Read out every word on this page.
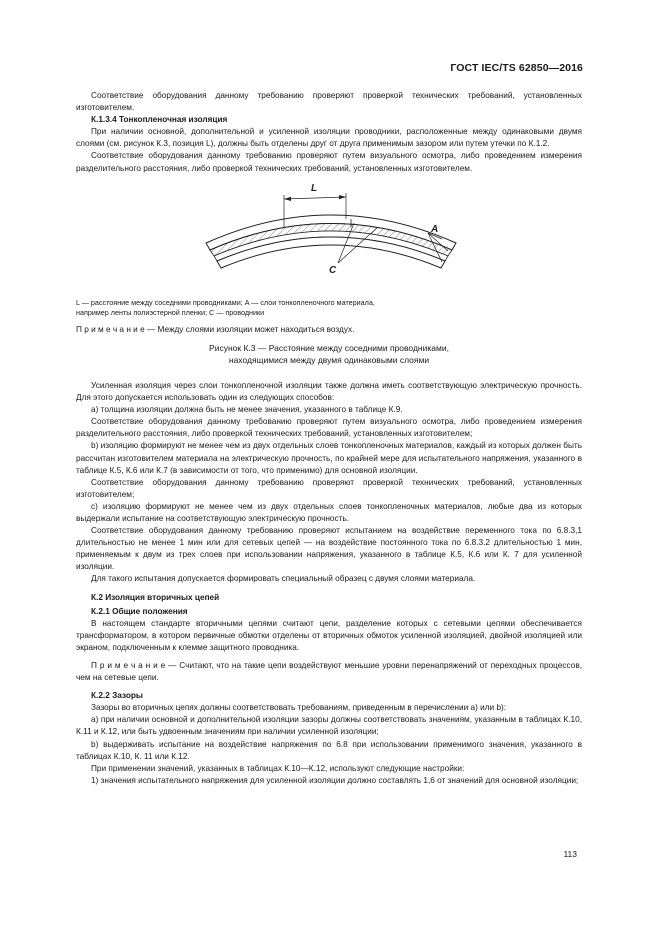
ГОСТ IEC/TS 62850—2016

Соответствие оборудования данному требованию проверяют проверкой технических требований, установленных изготовителем.

К.1.3.4 Тонкопленочная изоляция

При наличии основной, дополнительной и усиленной изоляции проводники, расположенные между одинаковыми двумя слоями (см. рисунок К.3, позиция L), должны быть отделены друг от друга применимым зазором или путем утечки по К.1.2.

Соответствие оборудования данному требованию проверяют путем визуального осмотра, либо проведением измерения разделительного расстояния, либо проверкой технических требований, установленных изготовителем.

L
A
C

L — расстояние между соседними проводниками; A — слои тонкопленочного материала,

например ленты полиэстерной пленки; C — проводники

П р и м е ч а н и е — Между слоями изоляции может находиться воздух.

Рисунок К.3 — Расстояние между соседними проводниками,

находящимися между двумя одинаковыми слоями

Усиленная изоляция через слои тонкопленочной изоляции также должна иметь соответствующую электрическую прочность. Для этого допускается использовать один из следующих способов:

a) толщина изоляции должна быть не менее значения, указанного в таблице К.9.

Соответствие оборудования данному требованию проверяют путем визуального осмотра, либо проведением измерения разделительного расстояния, либо проверкой технических требований, установленных изготовителем;

b) изоляцию формируют не менее чем из двух отдельных слоев тонкопленочных материалов, каждый из которых должен быть рассчитан изготовителем материала на электрическую прочность, по крайней мере для испытательного напряжения, указанного в таблице К.5, К.6 или К.7 (в зависимости от того, что применимо) для основной изоляции.

Соответствие оборудования данному требованию проверяют проверкой технических требований, установленных изготовителем;

c) изоляцию формируют не менее чем из двух отдельных слоев тонкопленочных материалов, любые два из которых выдержали испытание на соответствующую электрическую прочность.

Соответствие оборудования данному требованию проверяют испытанием на воздействие переменного тока по 6.8.3,1 длительностью не менее 1 мин или для сетевых цепей — на воздействие постоянного тока по 6.8.3.2 длительностью 1 мин, применяемым к двум из трех слоев при использовании напряжения, указанного в таблице К.5, К.6 или К. 7 для усиленной изоляции.

Для такого испытания допускается формировать специальный образец с двумя слоями материала.

К.2 Изоляция вторичных цепей

К.2.1 Общие положения

В настоящем стандарте вторичными цепями считают цепи, разделение которых с сетевыми цепями обеспечивается трансформатором, в котором первичные обмотки отделены от вторичных обмоток усиленной изоляцией, двойной изоляцией или экраном, подключенным к клемме защитного проводника.

П р и м е ч а н и е — Считают, что на такие цепи воздействуют меньшие уровни перенапряжений от переходных процессов, чем на сетевые цепи.

К.2.2 Зазоры

Зазоры во вторичных цепях должны соответствовать требованиям, приведенным в перечислении a) или b):

a) при наличии основной и дополнительной изоляции зазоры должны соответствовать значениям, указанным в таблицах К.10, К.11 и К.12, или быть удвоенным значениям при наличии усиленной изоляции;

b) выдерживать испытание на воздействие напряжения по 6.8 при использовании применимого значения, указанного в таблицах К.10, К. 11 или К.12.

При применении значений, указанных в таблицах К.10—К.12, используют следующие настройки:

1) значения испытательного напряжения для усиленной изоляции должно составлять 1,6 от значений для основной изоляции;

113
